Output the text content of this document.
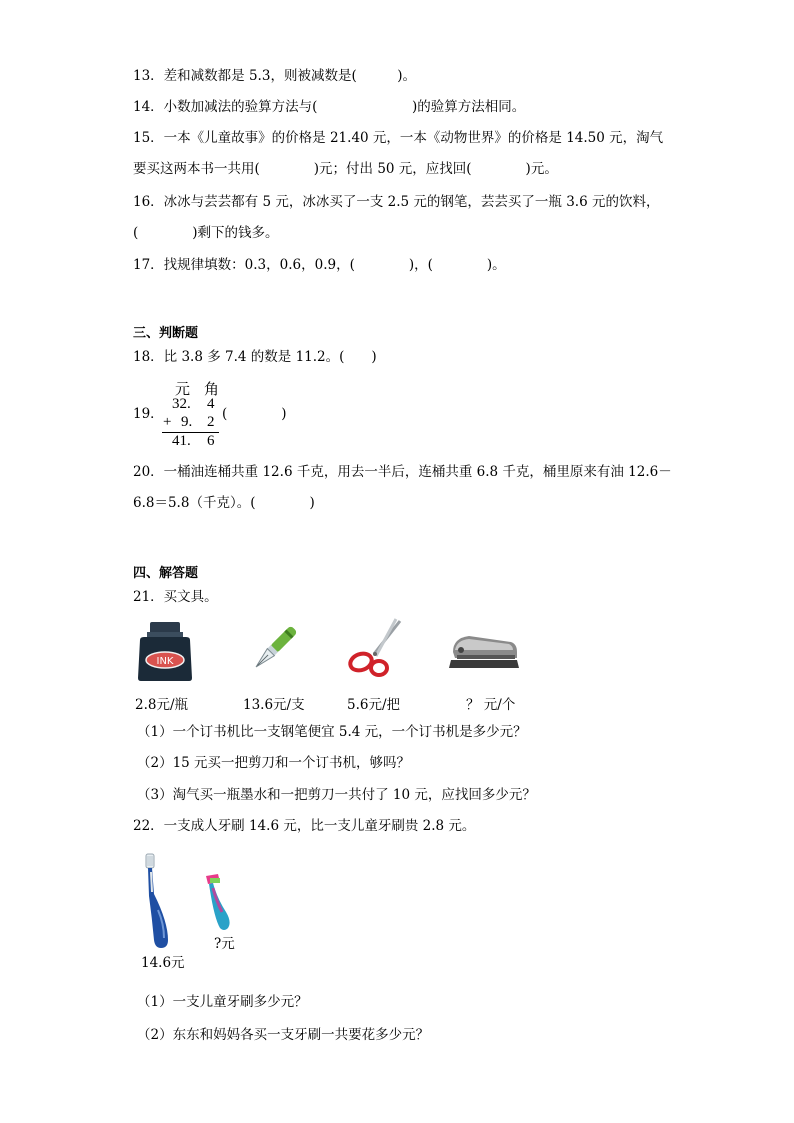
13．差和减数都是 5.3，则被减数是(　　　)。
14．小数加减法的验算方法与(　　　　　　　)的验算方法相同。
15．一本《儿童故事》的价格是 21.40 元，一本《动物世界》的价格是 14.50 元，淘气
要买这两本书一共用(　　　　)元；付出 50 元，应找回(　　　　)元。
16．冰冰与芸芸都有 5 元，冰冰买了一支 2.5 元的钢笔，芸芸买了一瓶 3.6 元的饮料，
(　　　　)剩下的钱多。
17．找规律填数：0.3，0.6，0.9，(　　　　)，(　　　　)。
三、判断题
18．比 3.8 多 7.4 的数是 11.2。(　　)
19．
元 角
32. 4
+ 9. 2
41. 6
(　　　　)
20．一桶油连桶共重 12.6 千克，用去一半后，连桶共重 6.8 千克，桶里原来有油 12.6－
6.8＝5.8（千克）。(　　　　)
四、解答题
21．买文具。
INK
2.8元/瓶	13.6元/支	5.6元/把	？ 元/个
（1）一个订书机比一支钢笔便宜 5.4 元，一个订书机是多少元？
（2）15 元买一把剪刀和一个订书机，够吗？
（3）淘气买一瓶墨水和一把剪刀一共付了 10 元，应找回多少元？
22．一支成人牙刷 14.6 元，比一支儿童牙刷贵 2.8 元。
14.6元
?元
（1）一支儿童牙刷多少元？
（2）东东和妈妈各买一支牙刷一共要花多少元？
